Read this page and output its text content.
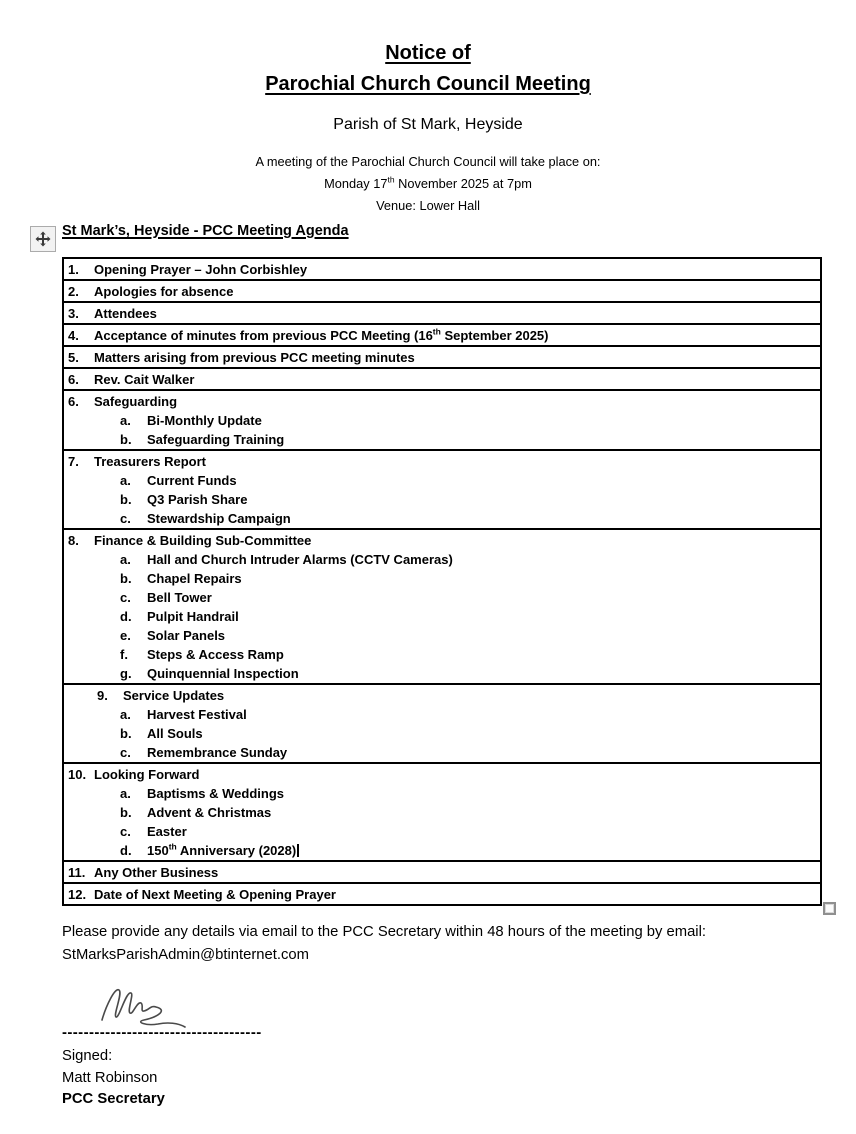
Notice of
Parochial Church Council Meeting
Parish of St Mark, Heyside
A meeting of the Parochial Church Council will take place on:
Monday 17th November 2025 at 7pm
Venue: Lower Hall
St Mark’s, Heyside - PCC Meeting Agenda
1. Opening Prayer – John Corbishley
2. Apologies for absence
3. Attendees
4. Acceptance of minutes from previous PCC Meeting (16th September 2025)
5. Matters arising from previous PCC meeting minutes
6. Rev. Cait Walker
6. Safeguarding
a. Bi-Monthly Update
b. Safeguarding Training
7. Treasurers Report
a. Current Funds
b. Q3 Parish Share
c. Stewardship Campaign
8. Finance & Building Sub-Committee
a. Hall and Church Intruder Alarms (CCTV Cameras)
b. Chapel Repairs
c. Bell Tower
d. Pulpit Handrail
e. Solar Panels
f. Steps & Access Ramp
g. Quinquennial Inspection
9. Service Updates
a. Harvest Festival
b. All Souls
c. Remembrance Sunday
10. Looking Forward
a. Baptisms & Weddings
b. Advent & Christmas
c. Easter
d. 150th Anniversary (2028)
11. Any Other Business
12. Date of Next Meeting & Opening Prayer
Please provide any details via email to the PCC Secretary within 48 hours of the meeting by email:
StMarksParishAdmin@btinternet.com
-------------------------------------
Signed:
Matt Robinson
PCC Secretary
